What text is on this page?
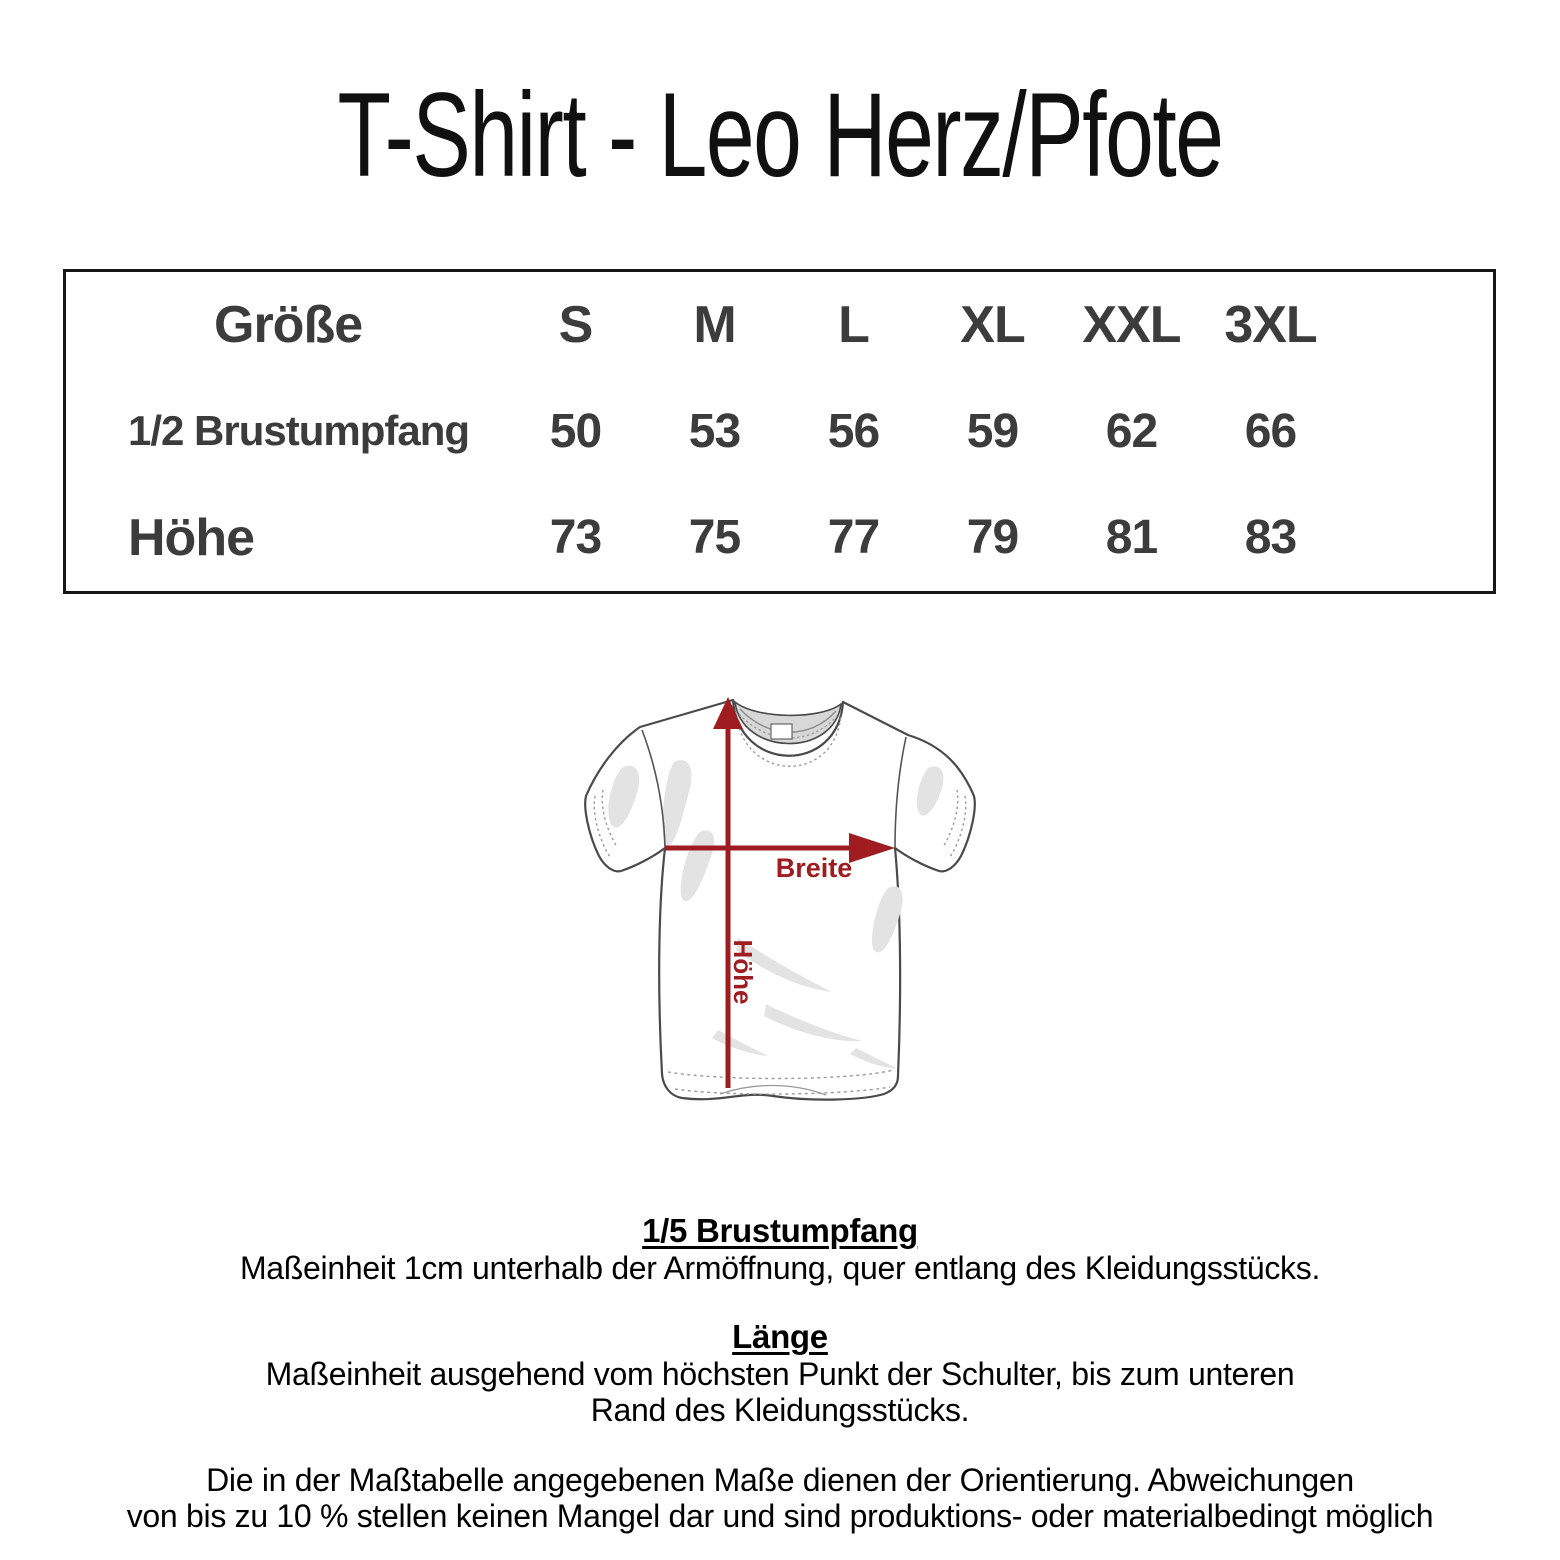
T-Shirt - Leo Herz/Pfote
Größe	S	M	L	XL	XXL 3XL
1/2 Brustumpfang	50	53	56	59	62	66
Höhe	73	75	77	79	81	83
Breite
Höhe
1/5 Brustumpfang
Maßeinheit 1cm unterhalb der Armöffnung, quer entlang des Kleidungsstücks.
Länge
Maßeinheit ausgehend vom höchsten Punkt der Schulter, bis zum unteren
Rand des Kleidungsstücks.
Die in der Maßtabelle angegebenen Maße dienen der Orientierung. Abweichungen
von bis zu 10 % stellen keinen Mangel dar und sind produktions- oder materialbedingt möglich
